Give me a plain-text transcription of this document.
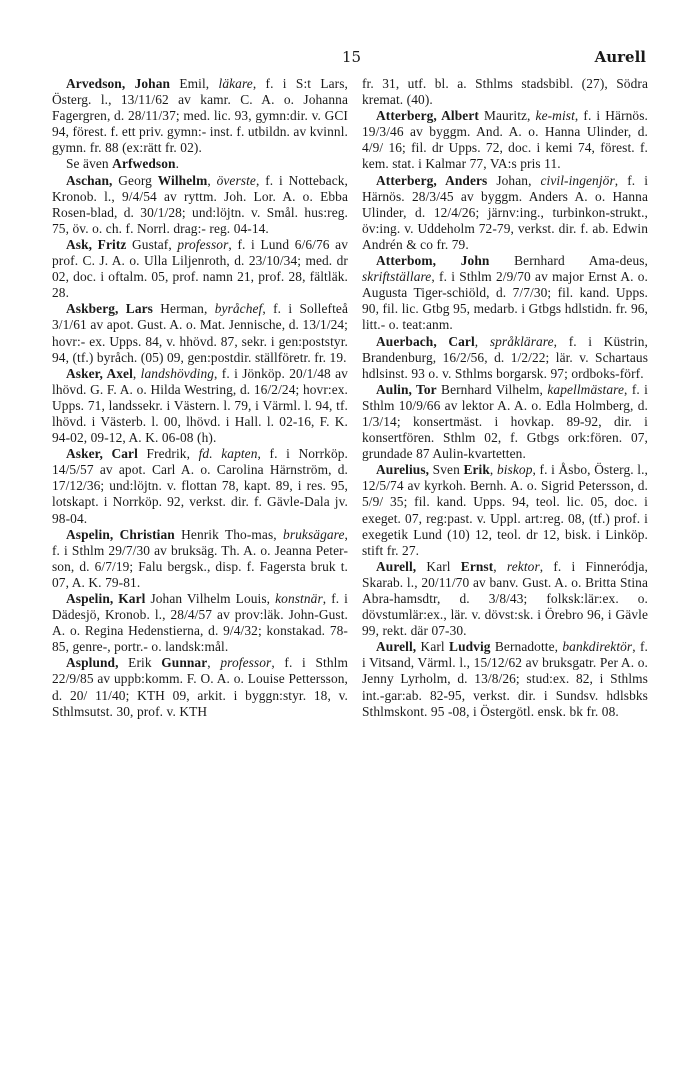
15	Aurell

Arvedson, Johan Emil, läkare, f. i S:t Lars, Österg. l., 13/11/62 av kamr. C. A. o. Johanna Fagergren, d. 28/11/37; med. lic. 93, gymn:dir. v. GCI 94, förest. f. ett priv. gymn:- inst. f. utbildn. av kvinnl. gymn. fr. 88 (ex:rätt fr. 02).

Se även Arfwedson.

Aschan, Georg Wilhelm, överste, f. i Notteback, Kronob. l., 9/4/54 av ryttm. Joh. Lor. A. o. Ebba Rosen-blad, d. 30/1/28; und:löjtn. v. Smål. hus:reg. 75, öv. o. ch. f. Norrl. drag:- reg. 04-14.

Ask, Fritz Gustaf, professor, f. i Lund 6/6/76 av prof. C. J. A. o. Ulla Liljenroth, d. 23/10/34; med. dr 02, doc. i oftalm. 05, prof. namn 21, prof. 28, fältläk. 28.

Askberg, Lars Herman, byråchef, f. i Sollefteå 3/1/61 av apot. Gust. A. o. Mat. Jennische, d. 13/1/24; hovr:- ex. Upps. 84, v. hhövd. 87, sekr. i gen:poststyr. 94, (tf.) byråch. (05) 09, gen:postdir. ställföretr. fr. 19.

Asker, Axel, landshövding, f. i Jönköp. 20/1/48 av lhövd. G. F. A. o. Hilda Westring, d. 16/2/24; hovr:ex. Upps. 71, landssekr. i Västern. l. 79, i Värml. l. 94, tf. lhövd. i Västerb. l. 00, lhövd. i Hall. l. 02-16, F. K. 94-02, 09-12, A. K. 06-08 (h).

Asker, Carl Fredrik, fd. kapten, f. i Norrköp. 14/5/57 av apot. Carl A. o. Carolina Härnström, d. 17/12/36; und:löjtn. v. flottan 78, kapt. 89, i res. 95, lotskapt. i Norrköp. 92, verkst. dir. f. Gävle-Dala jv. 98-04.

Aspelin, Christian Henrik Tho-mas, bruksägare, f. i Sthlm 29/7/30 av bruksäg. Th. A. o. Jeanna Peter-son, d. 6/7/19; Falu bergsk., disp. f. Fagersta bruk t. 07, A. K. 79-81.

Aspelin, Karl Johan Vilhelm Louis, konstnär, f. i Dädesjö, Kronob. l., 28/4/57 av prov:läk. John-Gust. A. o. Regina Hedenstierna, d. 9/4/32; konstakad. 78-85, genre-, portr.- o. landsk:mål.

Asplund, Erik Gunnar, professor, f. i Sthlm 22/9/85 av uppb:komm. F. O. A. o. Louise Pettersson, d. 20/ 11/40; KTH 09, arkit. i byggn:styr. 18, v. Sthlmsutst. 30, prof. v. KTH

fr. 31, utf. bl. a. Sthlms stadsbibl. (27), Södra kremat. (40).

Atterberg, Albert Mauritz, ke-mist, f. i Härnös. 19/3/46 av byggm. And. A. o. Hanna Ulinder, d. 4/9/ 16; fil. dr Upps. 72, doc. i kemi 74, förest. f. kem. stat. i Kalmar 77, VA:s pris 11.

Atterberg, Anders Johan, civil-ingenjör, f. i Härnös. 28/3/45 av byggm. Anders A. o. Hanna Ulinder, d. 12/4/26; järnv:ing., turbinkon-strukt., öv:ing. v. Uddeholm 72-79, verkst. dir. f. ab. Edwin Andrén & co fr. 79.

Atterbom, John Bernhard Ama-deus, skriftställare, f. i Sthlm 2/9/70 av major Ernst A. o. Augusta Tiger-schiöld, d. 7/7/30; fil. kand. Upps. 90, fil. lic. Gtbg 95, medarb. i Gtbgs hdlstidn. fr. 96, litt.- o. teat:anm.

Auerbach, Carl, språklärare, f. i Küstrin, Brandenburg, 16/2/56, d. 1/2/22; lär. v. Schartaus hdlsinst. 93 o. v. Sthlms borgarsk. 97; ordboks-förf.

Aulin, Tor Bernhard Vilhelm, kapellmästare, f. i Sthlm 10/9/66 av lektor A. A. o. Edla Holmberg, d. 1/3/14; konsertmäst. i hovkap. 89-92, dir. i konsertfören. Sthlm 02, f. Gtbgs ork:fören. 07, grundade 87 Aulin-kvartetten.

Aurelius, Sven Erik, biskop, f. i Åsbo, Österg. l., 12/5/74 av kyrkoh. Bernh. A. o. Sigrid Petersson, d. 5/9/ 35; fil. kand. Upps. 94, teol. lic. 05, doc. i exeget. 07, reg:past. v. Uppl. art:reg. 08, (tf.) prof. i exegetik Lund (10) 12, teol. dr 12, bisk. i Linköp. stift fr. 27.

Aurell, Karl Ernst, rektor, f. i Finneródja, Skarab. l., 20/11/70 av banv. Gust. A. o. Britta Stina Abra-hamsdtr, d. 3/8/43; folksk:lär:ex. o. dövstumlär:ex., lär. v. dövst:sk. i Örebro 96, i Gävle 99, rekt. där 07-30.

Aurell, Karl Ludvig Bernadotte, bankdirektör, f. i Vitsand, Värml. l., 15/12/62 av bruksgatr. Per A. o. Jenny Lyrholm, d. 13/8/26; stud:ex. 82, i Sthlms int.-gar:ab. 82-95, verkst. dir. i Sundsv. hdlsbks Sthlmskont. 95 -08, i Östergötl. ensk. bk fr. 08.
